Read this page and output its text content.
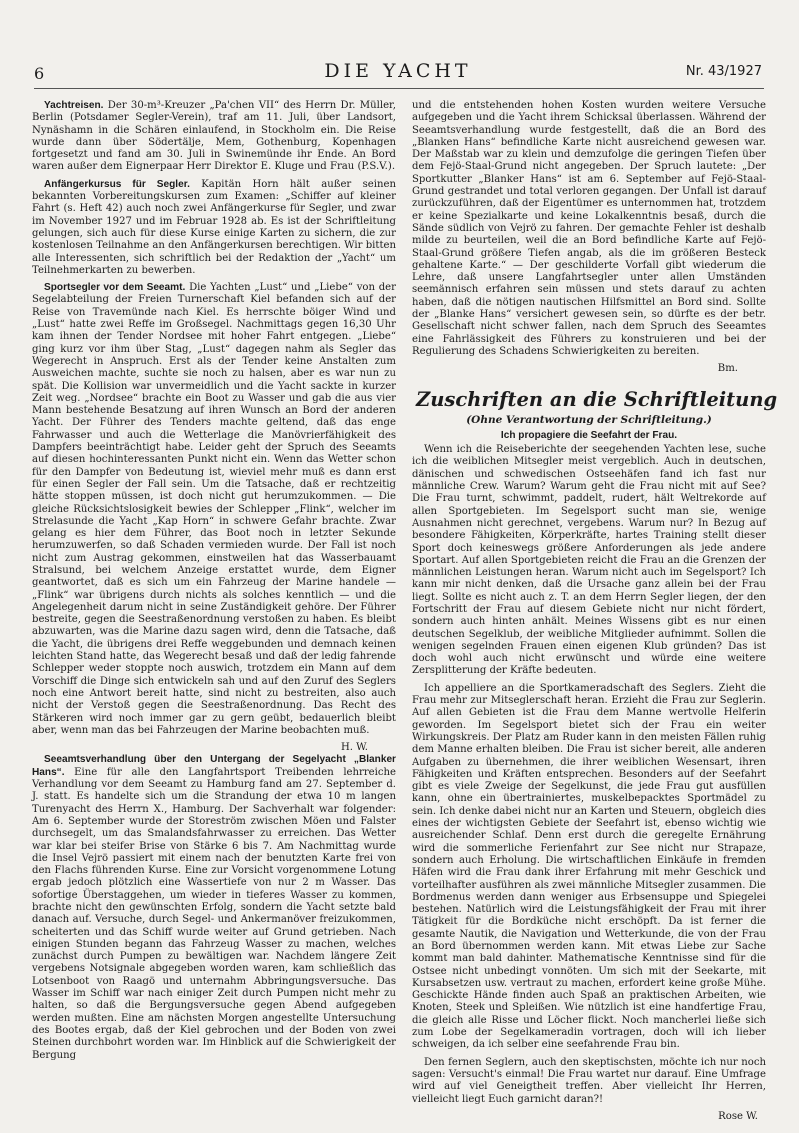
6	DIE YACHT	Nr. 43/1927

Yachtreisen. Der 30-m³-Kreuzer „Pa'chen VII“ des Herrn Dr. Müller, Berlin (Potsdamer Segler-Verein), traf am 11. Juli, über Landsort, Nynäshamn in die Schären einlaufend, in Stockholm ein. Die Reise wurde dann über Södertälje, Mem, Gothenburg, Kopenhagen fortgesetzt und fand am 30. Juli in Swinemünde ihr Ende. An Bord waren außer dem Eignerpaar Herr Direktor E. Kluge und Frau (P.S.V.).

Anfängerkursus für Segler. Kapitän Horn hält außer seinen bekannten Vorbereitungskursen zum Examen: „Schiffer auf kleiner Fahrt (s. Heft 42) auch noch zwei Anfängerkurse für Segler, und zwar im November 1927 und im Februar 1928 ab. Es ist der Schriftleitung gelungen, sich auch für diese Kurse einige Karten zu sichern, die zur kostenlosen Teilnahme an den Anfängerkursen berechtigen. Wir bitten alle Interessenten, sich schriftlich bei der Redaktion der „Yacht“ um Teilnehmerkarten zu bewerben.

Sportsegler vor dem Seeamt. Die Yachten „Lust“ und „Liebe“ von der Segelabteilung der Freien Turnerschaft Kiel befanden sich auf der Reise von Travemünde nach Kiel. Es herrschte böiger Wind und „Lust“ hatte zwei Reffe im Großsegel. Nachmittags gegen 16,30 Uhr kam ihnen der Tender Nordsee mit hoher Fahrt entgegen. „Liebe“ ging kurz vor ihm über Stag, „Lust“ dagegen nahm als Segler das Wegerecht in Anspruch. Erst als der Tender keine Anstalten zum Ausweichen machte, suchte sie noch zu halsen, aber es war nun zu spät. Die Kollision war unvermeidlich und die Yacht sackte in kurzer Zeit weg. „Nordsee“ brachte ein Boot zu Wasser und gab die aus vier Mann bestehende Besatzung auf ihren Wunsch an Bord der anderen Yacht. Der Führer des Tenders machte geltend, daß das enge Fahrwasser und auch die Wetterlage die Manövrierfähigkeit des Dampfers beeinträchtigt habe. Leider geht der Spruch des Seeamts auf diesen hochinteressanten Punkt nicht ein. Wenn das Wetter schon für den Dampfer von Bedeutung ist, wieviel mehr muß es dann erst für einen Segler der Fall sein. Um die Tatsache, daß er rechtzeitig hätte stoppen müssen, ist doch nicht gut herumzukommen. — Die gleiche Rücksichtslosigkeit bewies der Schlepper „Flink“, welcher im Strelasunde die Yacht „Kap Horn“ in schwere Gefahr brachte. Zwar gelang es hier dem Führer, das Boot noch in letzter Sekunde herumzuwerfen, so daß Schaden vermieden wurde. Der Fall ist noch nicht zum Austrag gekommen, einstweilen hat das Wasserbauamt Stralsund, bei welchem Anzeige erstattet wurde, dem Eigner geantwortet, daß es sich um ein Fahrzeug der Marine handele — „Flink“ war übrigens durch nichts als solches kenntlich — und die Angelegenheit darum nicht in seine Zuständigkeit gehöre. Der Führer bestreite, gegen die Seestraßenordnung verstoßen zu haben. Es bleibt abzuwarten, was die Marine dazu sagen wird, denn die Tatsache, daß die Yacht, die übrigens drei Reffe weggebunden und demnach keinen leichten Stand hatte, das Wegerecht besaß und daß der ledig fahrende Schlepper weder stoppte noch auswich, trotzdem ein Mann auf dem Vorschiff die Dinge sich entwickeln sah und auf den Zuruf des Seglers noch eine Antwort bereit hatte, sind nicht zu bestreiten, also auch nicht der Verstoß gegen die Seestraßenordnung. Das Recht des Stärkeren wird noch immer gar zu gern geübt, bedauerlich bleibt aber, wenn man das bei Fahrzeugen der Marine beobachten muß.

H. W.

Seeamtsverhandlung über den Untergang der Segelyacht „Blanker Hans“. Eine für alle den Langfahrtsport Treibenden lehrreiche Verhandlung vor dem Seeamt zu Hamburg fand am 27. September d. J. statt. Es handelte sich um die Strandung der etwa 10 m langen Turenyacht des Herrn X., Hamburg. Der Sachverhalt war folgender: Am 6. September wurde der Storeström zwischen Möen und Falster durchsegelt, um das Smalandsfahrwasser zu erreichen. Das Wetter war klar bei steifer Brise von Stärke 6 bis 7. Am Nachmittag wurde die Insel Vejrö passiert mit einem nach der benutzten Karte frei von den Flachs führenden Kurse. Eine zur Vorsicht vorgenommene Lotung ergab jedoch plötzlich eine Wassertiefe von nur 2 m Wasser. Das sofortige Überstaggehen, um wieder in tieferes Wasser zu kommen, brachte nicht den gewünschten Erfolg, sondern die Yacht setzte bald danach auf. Versuche, durch Segel- und Ankermanöver freizukommen, scheiterten und das Schiff wurde weiter auf Grund getrieben. Nach einigen Stunden begann das Fahrzeug Wasser zu machen, welches zunächst durch Pumpen zu bewältigen war. Nachdem längere Zeit vergebens Notsignale abgegeben worden waren, kam schließlich das Lotsenboot von Raagö und unternahm Abbringungsversuche. Das Wasser im Schiff war nach einiger Zeit durch Pumpen nicht mehr zu halten, so daß die Bergungsversuche gegen Abend aufgegeben werden mußten. Eine am nächsten Morgen angestellte Untersuchung des Bootes ergab, daß der Kiel gebrochen und der Boden von zwei Steinen durchbohrt worden war. Im Hinblick auf die Schwierigkeit der Bergung

und die entstehenden hohen Kosten wurden weitere Versuche aufgegeben und die Yacht ihrem Schicksal überlassen. Während der Seeamtsverhandlung wurde festgestellt, daß die an Bord des „Blanken Hans“ befindliche Karte nicht ausreichend gewesen war. Der Maßstab war zu klein und demzufolge die geringen Tiefen über dem Fejö-Staal-Grund nicht angegeben. Der Spruch lautete: „Der Sportkutter „Blanker Hans“ ist am 6. September auf Fejö-Staal-Grund gestrandet und total verloren gegangen. Der Unfall ist darauf zurückzuführen, daß der Eigentümer es unternommen hat, trotzdem er keine Spezialkarte und keine Lokalkenntnis besaß, durch die Sände südlich von Vejrö zu fahren. Der gemachte Fehler ist deshalb milde zu beurteilen, weil die an Bord befindliche Karte auf Fejö-Staal-Grund größere Tiefen angab, als die im größeren Besteck gehaltene Karte.“ — Der geschilderte Vorfall gibt wiederum die Lehre, daß unsere Langfahrtsegler unter allen Umständen seemännisch erfahren sein müssen und stets darauf zu achten haben, daß die nötigen nautischen Hilfsmittel an Bord sind. Sollte der „Blanke Hans“ versichert gewesen sein, so dürfte es der betr. Gesellschaft nicht schwer fallen, nach dem Spruch des Seeamtes eine Fahrlässigkeit des Führers zu konstruieren und bei der Regulierung des Schadens Schwierigkeiten zu bereiten.

Bm.
Zuschriften an die Schriftleitung
(Ohne Verantwortung der Schriftleitung.)
Ich propagiere die Seefahrt der Frau.

Wenn ich die Reiseberichte der seegehenden Yachten lese, suche ich die weiblichen Mitsegler meist vergeblich. Auch in deutschen, dänischen und schwedischen Ostseehäfen fand ich fast nur männliche Crew. Warum? Warum geht die Frau nicht mit auf See? Die Frau turnt, schwimmt, paddelt, rudert, hält Weltrekorde auf allen Sportgebieten. Im Segelsport sucht man sie, wenige Ausnahmen nicht gerechnet, vergebens. Warum nur? In Bezug auf besondere Fähigkeiten, Körperkräfte, hartes Training stellt dieser Sport doch keineswegs größere Anforderungen als jede andere Sportart. Auf allen Sportgebieten reicht die Frau an die Grenzen der männlichen Leistungen heran. Warum nicht auch im Segelsport? Ich kann mir nicht denken, daß die Ursache ganz allein bei der Frau liegt. Sollte es nicht auch z. T. an dem Herrn Segler liegen, der den Fortschritt der Frau auf diesem Gebiete nicht nur nicht fördert, sondern auch hinten anhält. Meines Wissens gibt es nur einen deutschen Segelklub, der weibliche Mitglieder aufnimmt. Sollen die wenigen segelnden Frauen einen eigenen Klub gründen? Das ist doch wohl auch nicht erwünscht und würde eine weitere Zersplitterung der Kräfte bedeuten.

Ich appelliere an die Sportkameradschaft des Seglers. Zieht die Frau mehr zur Mitseglerschaft heran. Erzieht die Frau zur Seglerin. Auf allen Gebieten ist die Frau dem Manne wertvolle Helferin geworden. Im Segelsport bietet sich der Frau ein weiter Wirkungskreis. Der Platz am Ruder kann in den meisten Fällen ruhig dem Manne erhalten bleiben. Die Frau ist sicher bereit, alle anderen Aufgaben zu übernehmen, die ihrer weiblichen Wesensart, ihren Fähigkeiten und Kräften entsprechen. Besonders auf der Seefahrt gibt es viele Zweige der Segelkunst, die jede Frau gut ausfüllen kann, ohne ein übertrainiertes, muskelbepacktes Sportmädel zu sein. Ich denke dabei nicht nur an Karten und Steuern, obgleich dies eines der wichtigsten Gebiete der Seefahrt ist, ebenso wichtig wie ausreichender Schlaf. Denn erst durch die geregelte Ernährung wird die sommerliche Ferienfahrt zur See nicht nur Strapaze, sondern auch Erholung. Die wirtschaftlichen Einkäufe in fremden Häfen wird die Frau dank ihrer Erfahrung mit mehr Geschick und vorteilhafter ausführen als zwei männliche Mitsegler zusammen. Die Bordmenus werden dann weniger aus Erbsensuppe und Spiegelei bestehen. Natürlich wird die Leistungsfähigkeit der Frau mit ihrer Tätigkeit für die Bordküche nicht erschöpft. Da ist ferner die gesamte Nautik, die Navigation und Wetterkunde, die von der Frau an Bord übernommen werden kann. Mit etwas Liebe zur Sache kommt man bald dahinter. Mathematische Kenntnisse sind für die Ostsee nicht unbedingt vonnöten. Um sich mit der Seekarte, mit Kursabsetzen usw. vertraut zu machen, erfordert keine große Mühe. Geschickte Hände finden auch Spaß an praktischen Arbeiten, wie Knoten, Steek und Spleißen. Wie nützlich ist eine handfertige Frau, die gleich alle Risse und Löcher flickt. Noch mancherlei ließe sich zum Lobe der Segelkameradin vortragen, doch will ich lieber schweigen, da ich selber eine seefahrende Frau bin.

Den fernen Seglern, auch den skeptischsten, möchte ich nur noch sagen: Versucht's einmal! Die Frau wartet nur darauf. Eine Umfrage wird auf viel Geneigtheit treffen. Aber vielleicht Ihr Herren, vielleicht liegt Euch garnicht daran?!

Rose W.
